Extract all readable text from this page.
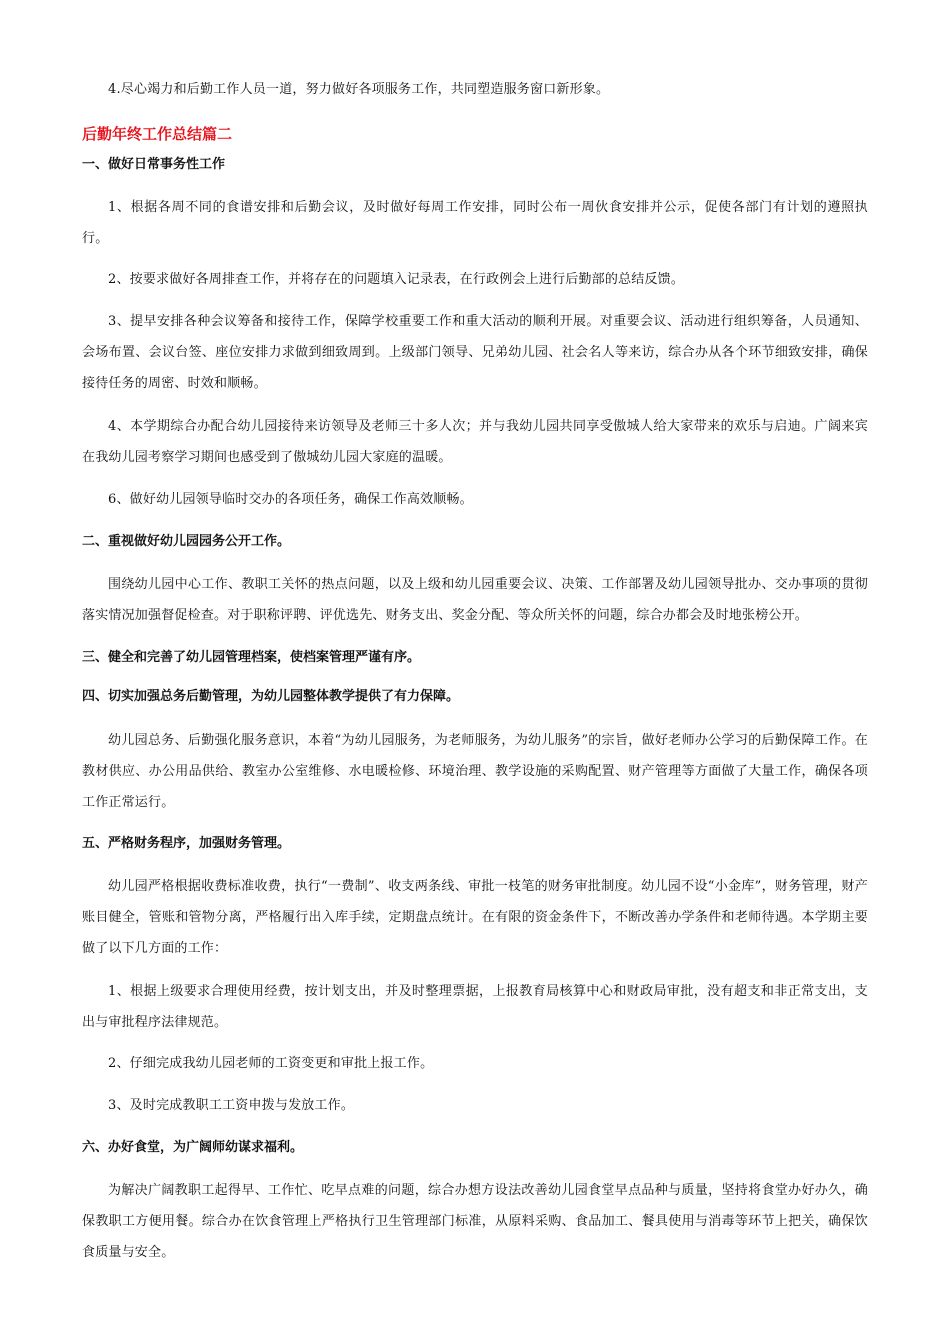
4.尽心竭力和后勤工作人员一道，努力做好各项服务工作，共同塑造服务窗口新形象。

后勤年终工作总结篇二

一、做好日常事务性工作

1、根据各周不同的食谱安排和后勤会议，及时做好每周工作安排，同时公布一周伙食安排并公示，促使各部门有计划的遵照执行。

2、按要求做好各周排查工作，并将存在的问题填入记录表，在行政例会上进行后勤部的总结反馈。

3、提早安排各种会议筹备和接待工作，保障学校重要工作和重大活动的顺利开展。对重要会议、活动进行组织筹备，人员通知、会场布置、会议台签、座位安排力求做到细致周到。上级部门领导、兄弟幼儿园、社会名人等来访，综合办从各个环节细致安排，确保接待任务的周密、时效和顺畅。

4、本学期综合办配合幼儿园接待来访领导及老师三十多人次；并与我幼儿园共同享受傲城人给大家带来的欢乐与启迪。广阔来宾在我幼儿园考察学习期间也感受到了傲城幼儿园大家庭的温暖。

6、做好幼儿园领导临时交办的各项任务，确保工作高效顺畅。

二、重视做好幼儿园园务公开工作。

围绕幼儿园中心工作、教职工关怀的热点问题，以及上级和幼儿园重要会议、决策、工作部署及幼儿园领导批办、交办事项的贯彻落实情况加强督促检查。对于职称评聘、评优选先、财务支出、奖金分配、等众所关怀的问题，综合办都会及时地张榜公开。

三、健全和完善了幼儿园管理档案，使档案管理严谨有序。

四、切实加强总务后勤管理，为幼儿园整体教学提供了有力保障。

幼儿园总务、后勤强化服务意识，本着“为幼儿园服务，为老师服务，为幼儿服务”的宗旨，做好老师办公学习的后勤保障工作。在教材供应、办公用品供给、教室办公室维修、水电暖检修、环境治理、教学设施的采购配置、财产管理等方面做了大量工作，确保各项工作正常运行。

五、严格财务程序，加强财务管理。

幼儿园严格根据收费标准收费，执行“一费制”、收支两条线、审批一枝笔的财务审批制度。幼儿园不设“小金库”，财务管理，财产账目健全，管账和管物分离，严格履行出入库手续，定期盘点统计。在有限的资金条件下，不断改善办学条件和老师待遇。本学期主要做了以下几方面的工作：

1、根据上级要求合理使用经费，按计划支出，并及时整理票据，上报教育局核算中心和财政局审批，没有超支和非正常支出，支出与审批程序法律规范。

2、仔细完成我幼儿园老师的工资变更和审批上报工作。

3、及时完成教职工工资申拨与发放工作。

六、办好食堂，为广阔师幼谋求福利。

为解决广阔教职工起得早、工作忙、吃早点难的问题，综合办想方设法改善幼儿园食堂早点品种与质量，坚持将食堂办好办久，确保教职工方便用餐。综合办在饮食管理上严格执行卫生管理部门标准，从原料采购、食品加工、餐具使用与消毒等环节上把关，确保饮食质量与安全。
